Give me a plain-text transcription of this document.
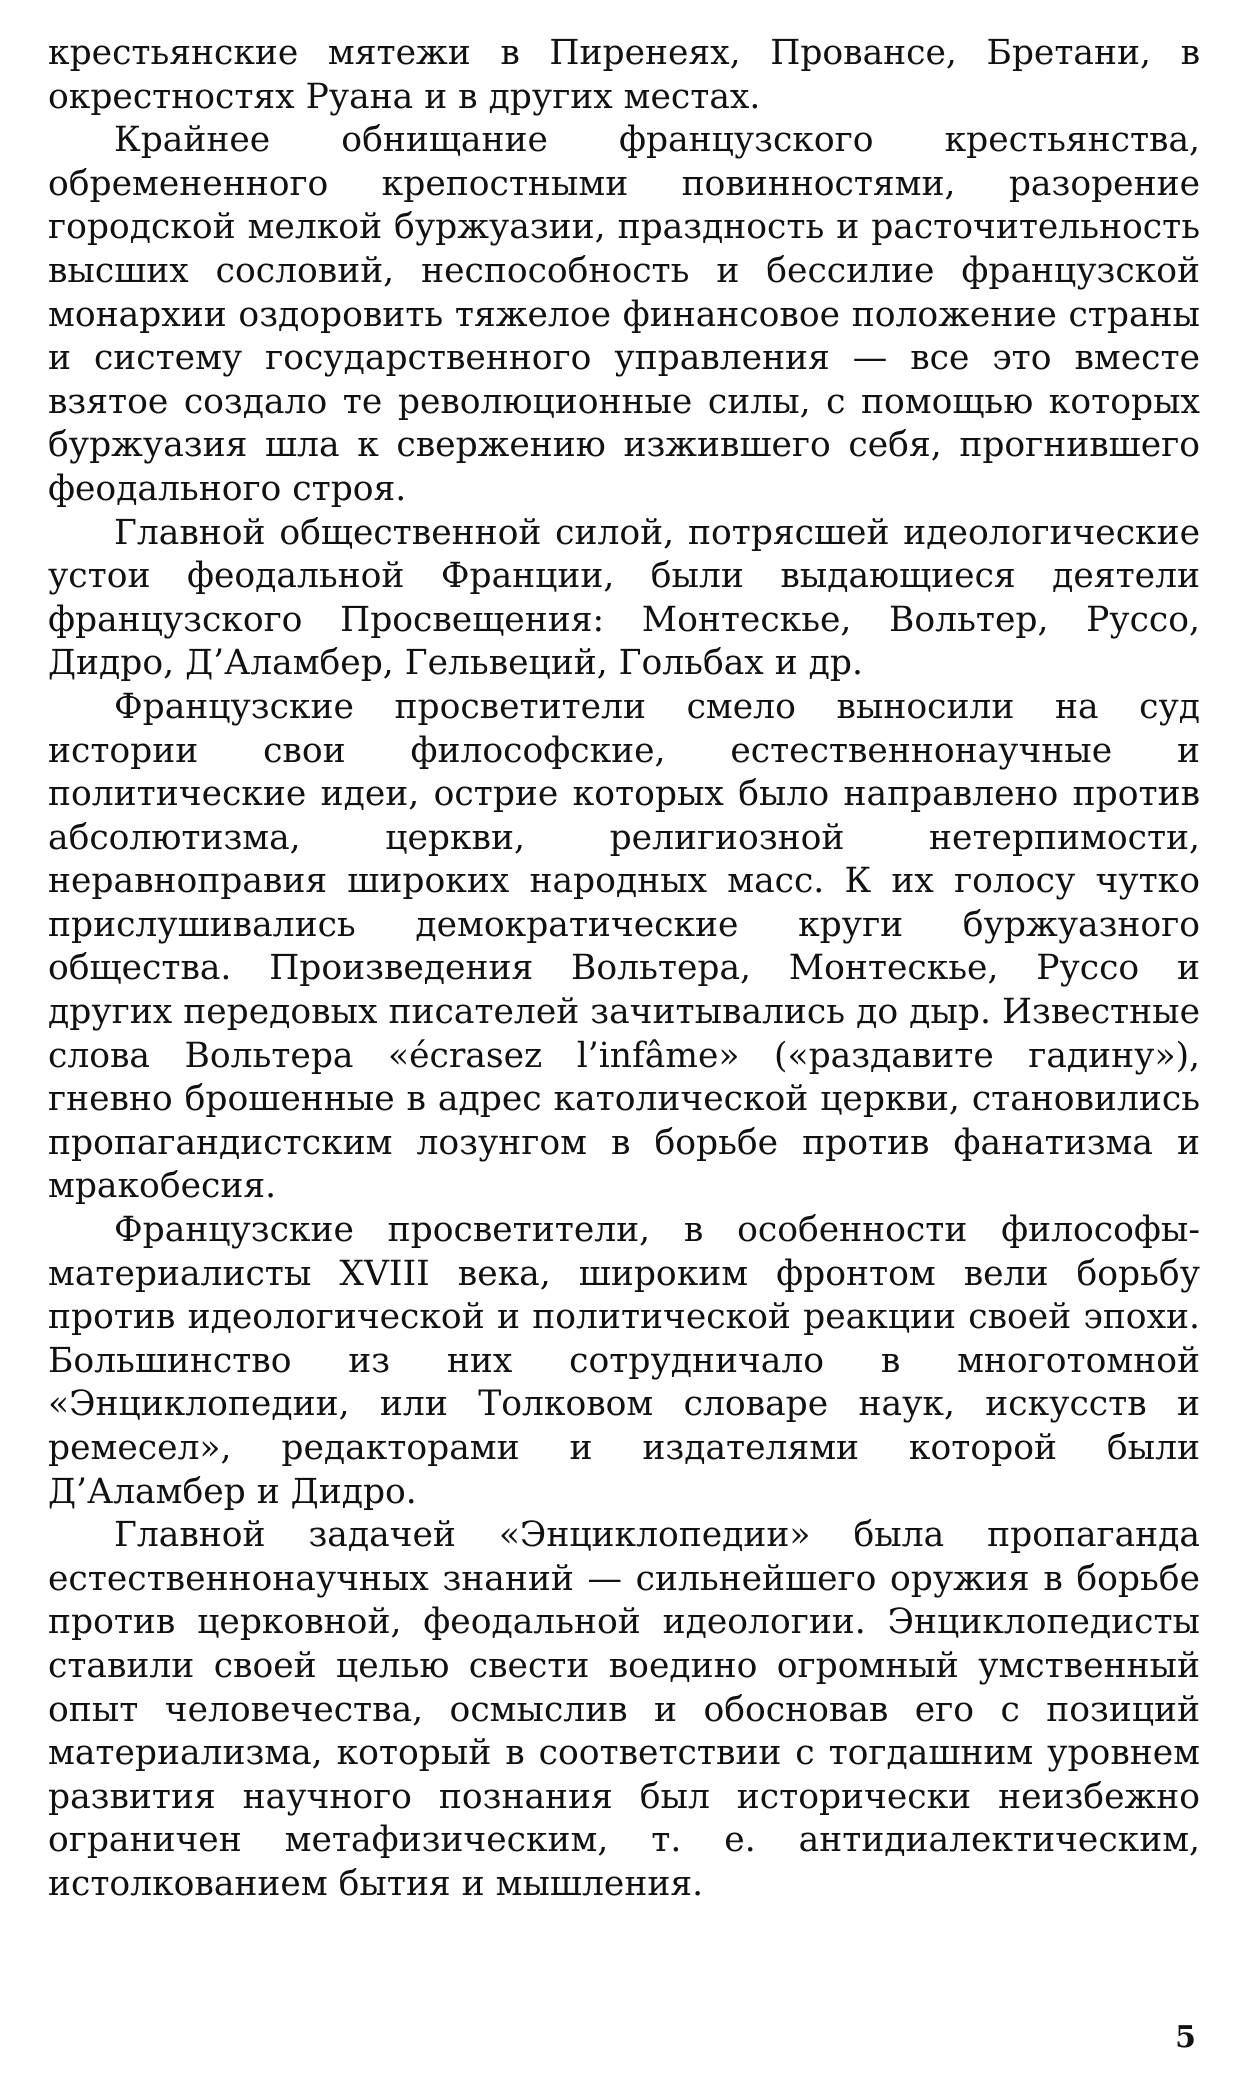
крестьянские мятежи в Пиренеях, Провансе, Бретани, в окрестностях Руана и в других местах.

Крайнее обнищание французского крестьянства, обремененного крепостными повинностями, разорение городской мелкой буржуазии, праздность и расточительность высших сословий, неспособность и бессилие французской монархии оздоровить тяжелое финансовое положение страны и систему государственного управления — все это вместе взятое создало те революционные силы, с помощью которых буржуазия шла к свержению изжившего себя, прогнившего феодального строя.

Главной общественной силой, потрясшей идеологические устои феодальной Франции, были выдающиеся деятели французского Просвещения: Монтескье, Вольтер, Руссо, Дидро, Д’Аламбер, Гельвеций, Гольбах и др.

Французские просветители смело выносили на суд истории свои философские, естественнонаучные и политические идеи, острие которых было направлено против абсолютизма, церкви, религиозной нетерпимости, неравноправия широких народных масс. К их голосу чутко прислушивались демократические круги буржуазного общества. Произведения Вольтера, Монтескье, Руссо и других передовых писателей зачитывались до дыр. Известные слова Вольтера «écrasez l’infâme» («раздавите гадину»), гневно брошенные в адрес католической церкви, становились пропагандистским лозунгом в борьбе против фанатизма и мракобесия.

Французские просветители, в особенности философы-материалисты XVIII века, широким фронтом вели борьбу против идеологической и политической реакции своей эпохи. Большинство из них сотрудничало в многотомной «Энциклопедии, или Толковом словаре наук, искусств и ремесел», редакторами и издателями которой были Д’Аламбер и Дидро.

Главной задачей «Энциклопедии» была пропаганда естественнонаучных знаний — сильнейшего оружия в борьбе против церковной, феодальной идеологии. Энциклопедисты ставили своей целью свести воедино огромный умственный опыт человечества, осмыслив и обосновав его с позиций материализма, который в соответствии с тогдашним уровнем развития научного познания был исторически неизбежно ограничен метафизическим, т. е. антидиалектическим, истолкованием бытия и мышления.

5
